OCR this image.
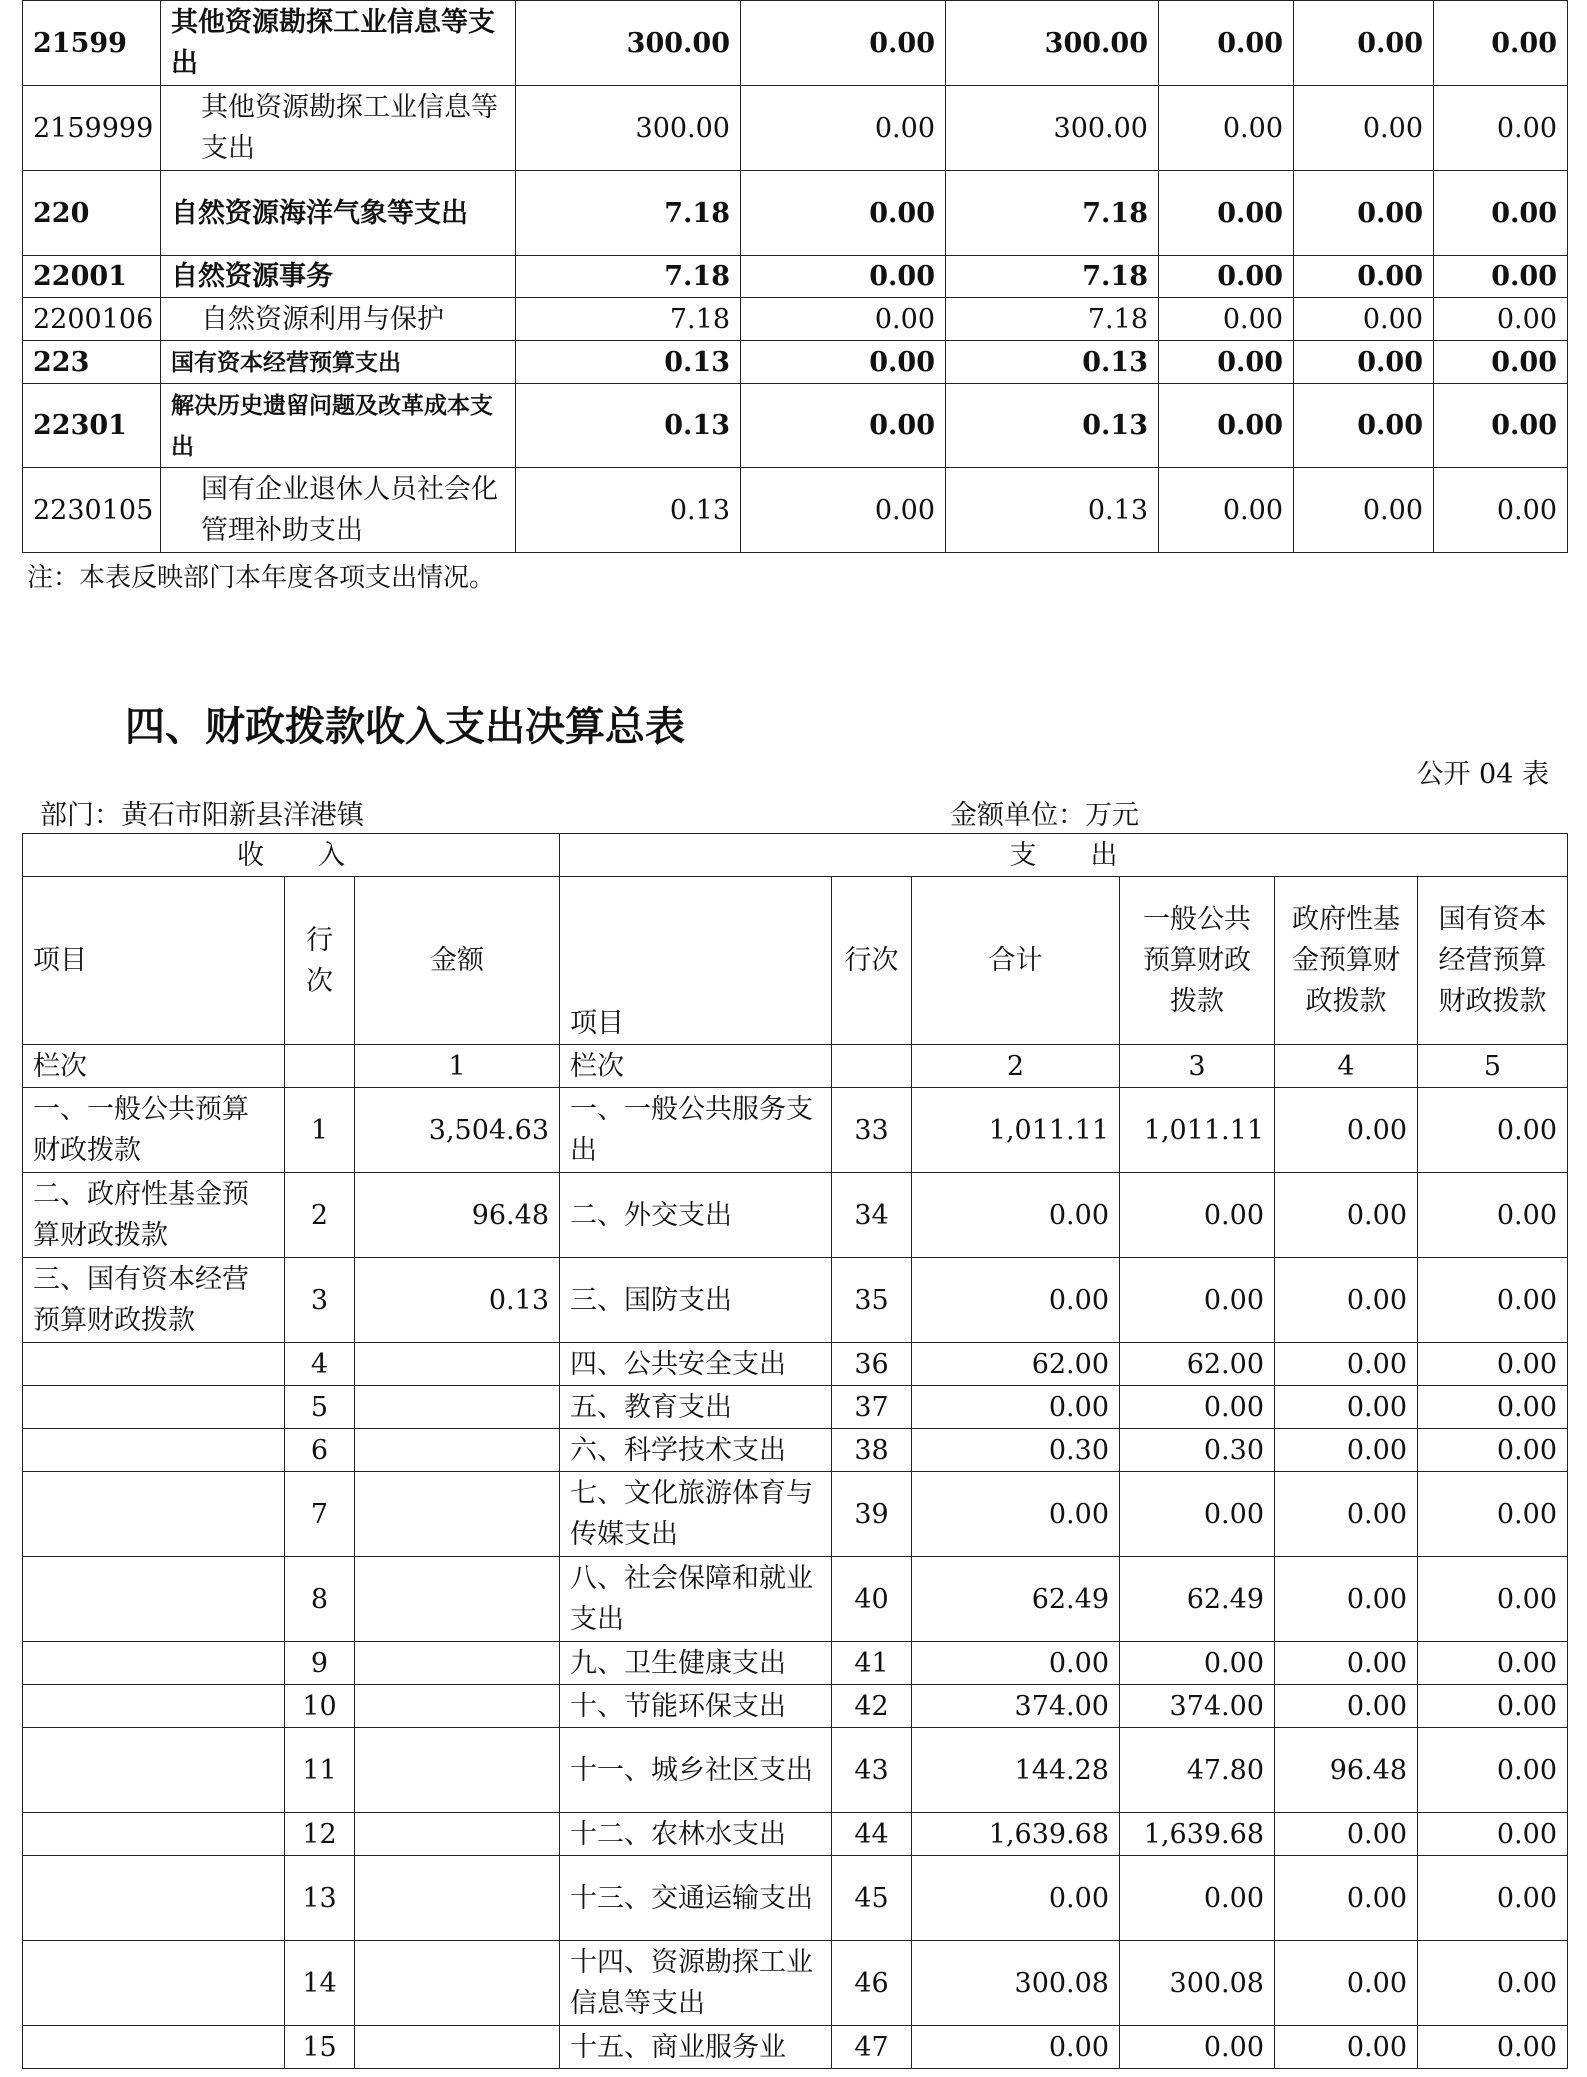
21599	其他资源勘探工业信息等支出	300.00	0.00	300.00	0.00	0.00	0.00
2159999	其他资源勘探工业信息等支出	300.00	0.00	300.00	0.00	0.00	0.00
220	自然资源海洋气象等支出	7.18	0.00	7.18	0.00	0.00	0.00
22001	自然资源事务	7.18	0.00	7.18	0.00	0.00	0.00
2200106	自然资源利用与保护	7.18	0.00	7.18	0.00	0.00	0.00
223	国有资本经营预算支出	0.13	0.00	0.13	0.00	0.00	0.00
22301	解决历史遗留问题及改革成本支出	0.13	0.00	0.13	0.00	0.00	0.00
2230105	国有企业退休人员社会化管理补助支出	0.13	0.00	0.13	0.00	0.00	0.00
注：本表反映部门本年度各项支出情况。
四、财政拨款收入支出决算总表
公开 04 表
部门：黄石市阳新县洋港镇	金额单位：万元
收　　入			支　　出					
项目	行次	金额	项目	行次	合计	一般公共预算财政拨款	政府性基金预算财政拨款	国有资本经营预算财政拨款
栏次		1	栏次		2	3	4	5
一、一般公共预算财政拨款	1	3,504.63	一、一般公共服务支出	33	1,011.11	1,011.11	0.00	0.00
二、政府性基金预算财政拨款	2	96.48	二、外交支出	34	0.00	0.00	0.00	0.00
三、国有资本经营预算财政拨款	3	0.13	三、国防支出	35	0.00	0.00	0.00	0.00
	4		四、公共安全支出	36	62.00	62.00	0.00	0.00
	5		五、教育支出	37	0.00	0.00	0.00	0.00
	6		六、科学技术支出	38	0.30	0.30	0.00	0.00
	7		七、文化旅游体育与传媒支出	39	0.00	0.00	0.00	0.00
	8		八、社会保障和就业支出	40	62.49	62.49	0.00	0.00
	9		九、卫生健康支出	41	0.00	0.00	0.00	0.00
	10		十、节能环保支出	42	374.00	374.00	0.00	0.00
	11		十一、城乡社区支出	43	144.28	47.80	96.48	0.00
	12		十二、农林水支出	44	1,639.68	1,639.68	0.00	0.00
	13		十三、交通运输支出	45	0.00	0.00	0.00	0.00
	14		十四、资源勘探工业信息等支出	46	300.08	300.08	0.00	0.00
	15		十五、商业服务业	47	0.00	0.00	0.00	0.00
